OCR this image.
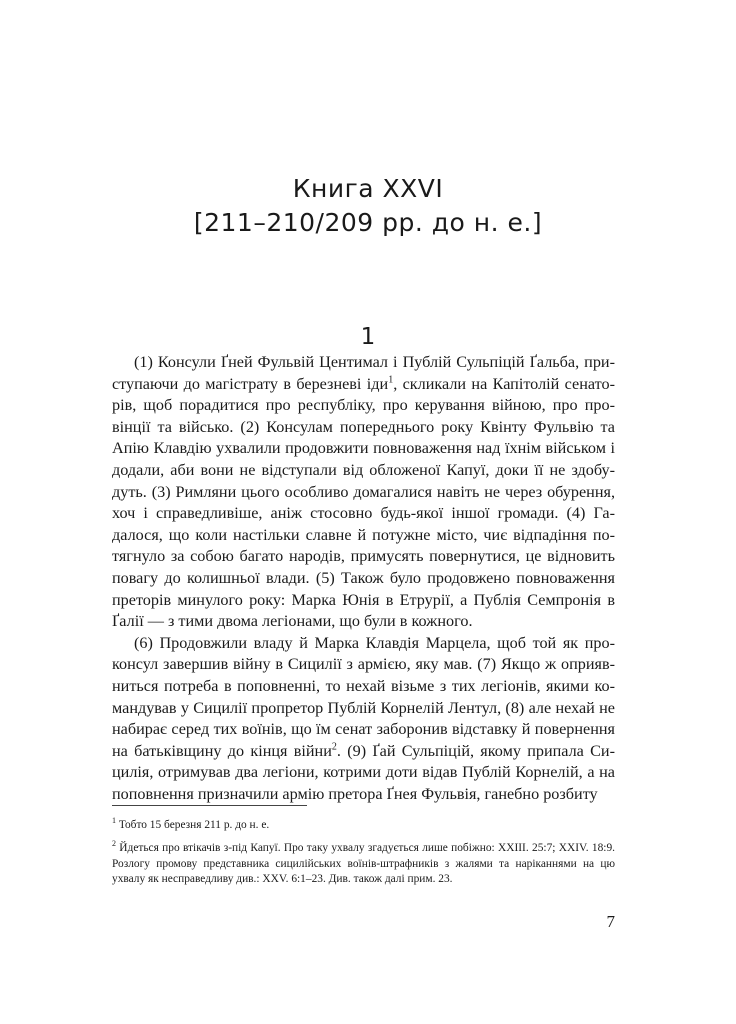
Книга XXVI
[211–210/209 рр. до н. е.]
1

(1) Консули Ґней Фульвій Центимал і Публій Сульпіцій Ґальба, приступаючи до магістрату в березневі іди$^1$, скликали на Капітолій сенаторів, щоб порадитися про республіку, про керування війною, про провінції та військо. (2) Консулам попереднього року Квінту Фульвію та Апію Клавдію ухвалили продовжити повноваження над їхнім військом і додали, аби вони не відступали від обложеної Капуї, доки її не здобудуть. (3) Римляни цього особливо домагалися навіть не через обурення, хоч і справедливіше, аніж стосовно будь-якої іншої громади. (4) Гадалося, що коли настільки славне й потужне місто, чиє відпадіння потягнуло за собою багато народів, примусять повернутися, це відновить повагу до колишньої влади. (5) Також було продовжено повноваження преторів минулого року: Марка Юнія в Етрурії, а Публія Семпронія в Ґалії — з тими двома легіонами, що були в кожного.

(6) Продовжили владу й Марка Клавдія Марцела, щоб той як проконсул завершив війну в Сицилії з армією, яку мав. (7) Якщо ж оприявниться потреба в поповненні, то нехай візьме з тих легіонів, якими командував у Сицилії пропретор Публій Корнелій Лентул, (8) але нехай не набирає серед тих воїнів, що їм сенат заборонив відставку й повернення на батьківщину до кінця війни$^2$. (9) Ґай Сульпіцій, якому припала Сицилія, отримував два легіони, котрими доти відав Публій Корнелій, а на поповнення призначили армію претора Ґнея Фульвія, ганебно розбиту

$^1$ Тобто 15 березня 211 р. до н. е.

$^2$ Йдеться про втікачів з-під Капуї. Про таку ухвалу згадується лише побіжно: XXIII. 25:7; XXIV. 18:9. Розлогу промову представника сицилійських воїнів-штрафників з жалями та наріканнями на цю ухвалу як несправедливу див.: XXV. 6:1–23. Див. також далі прим. 23.

7
